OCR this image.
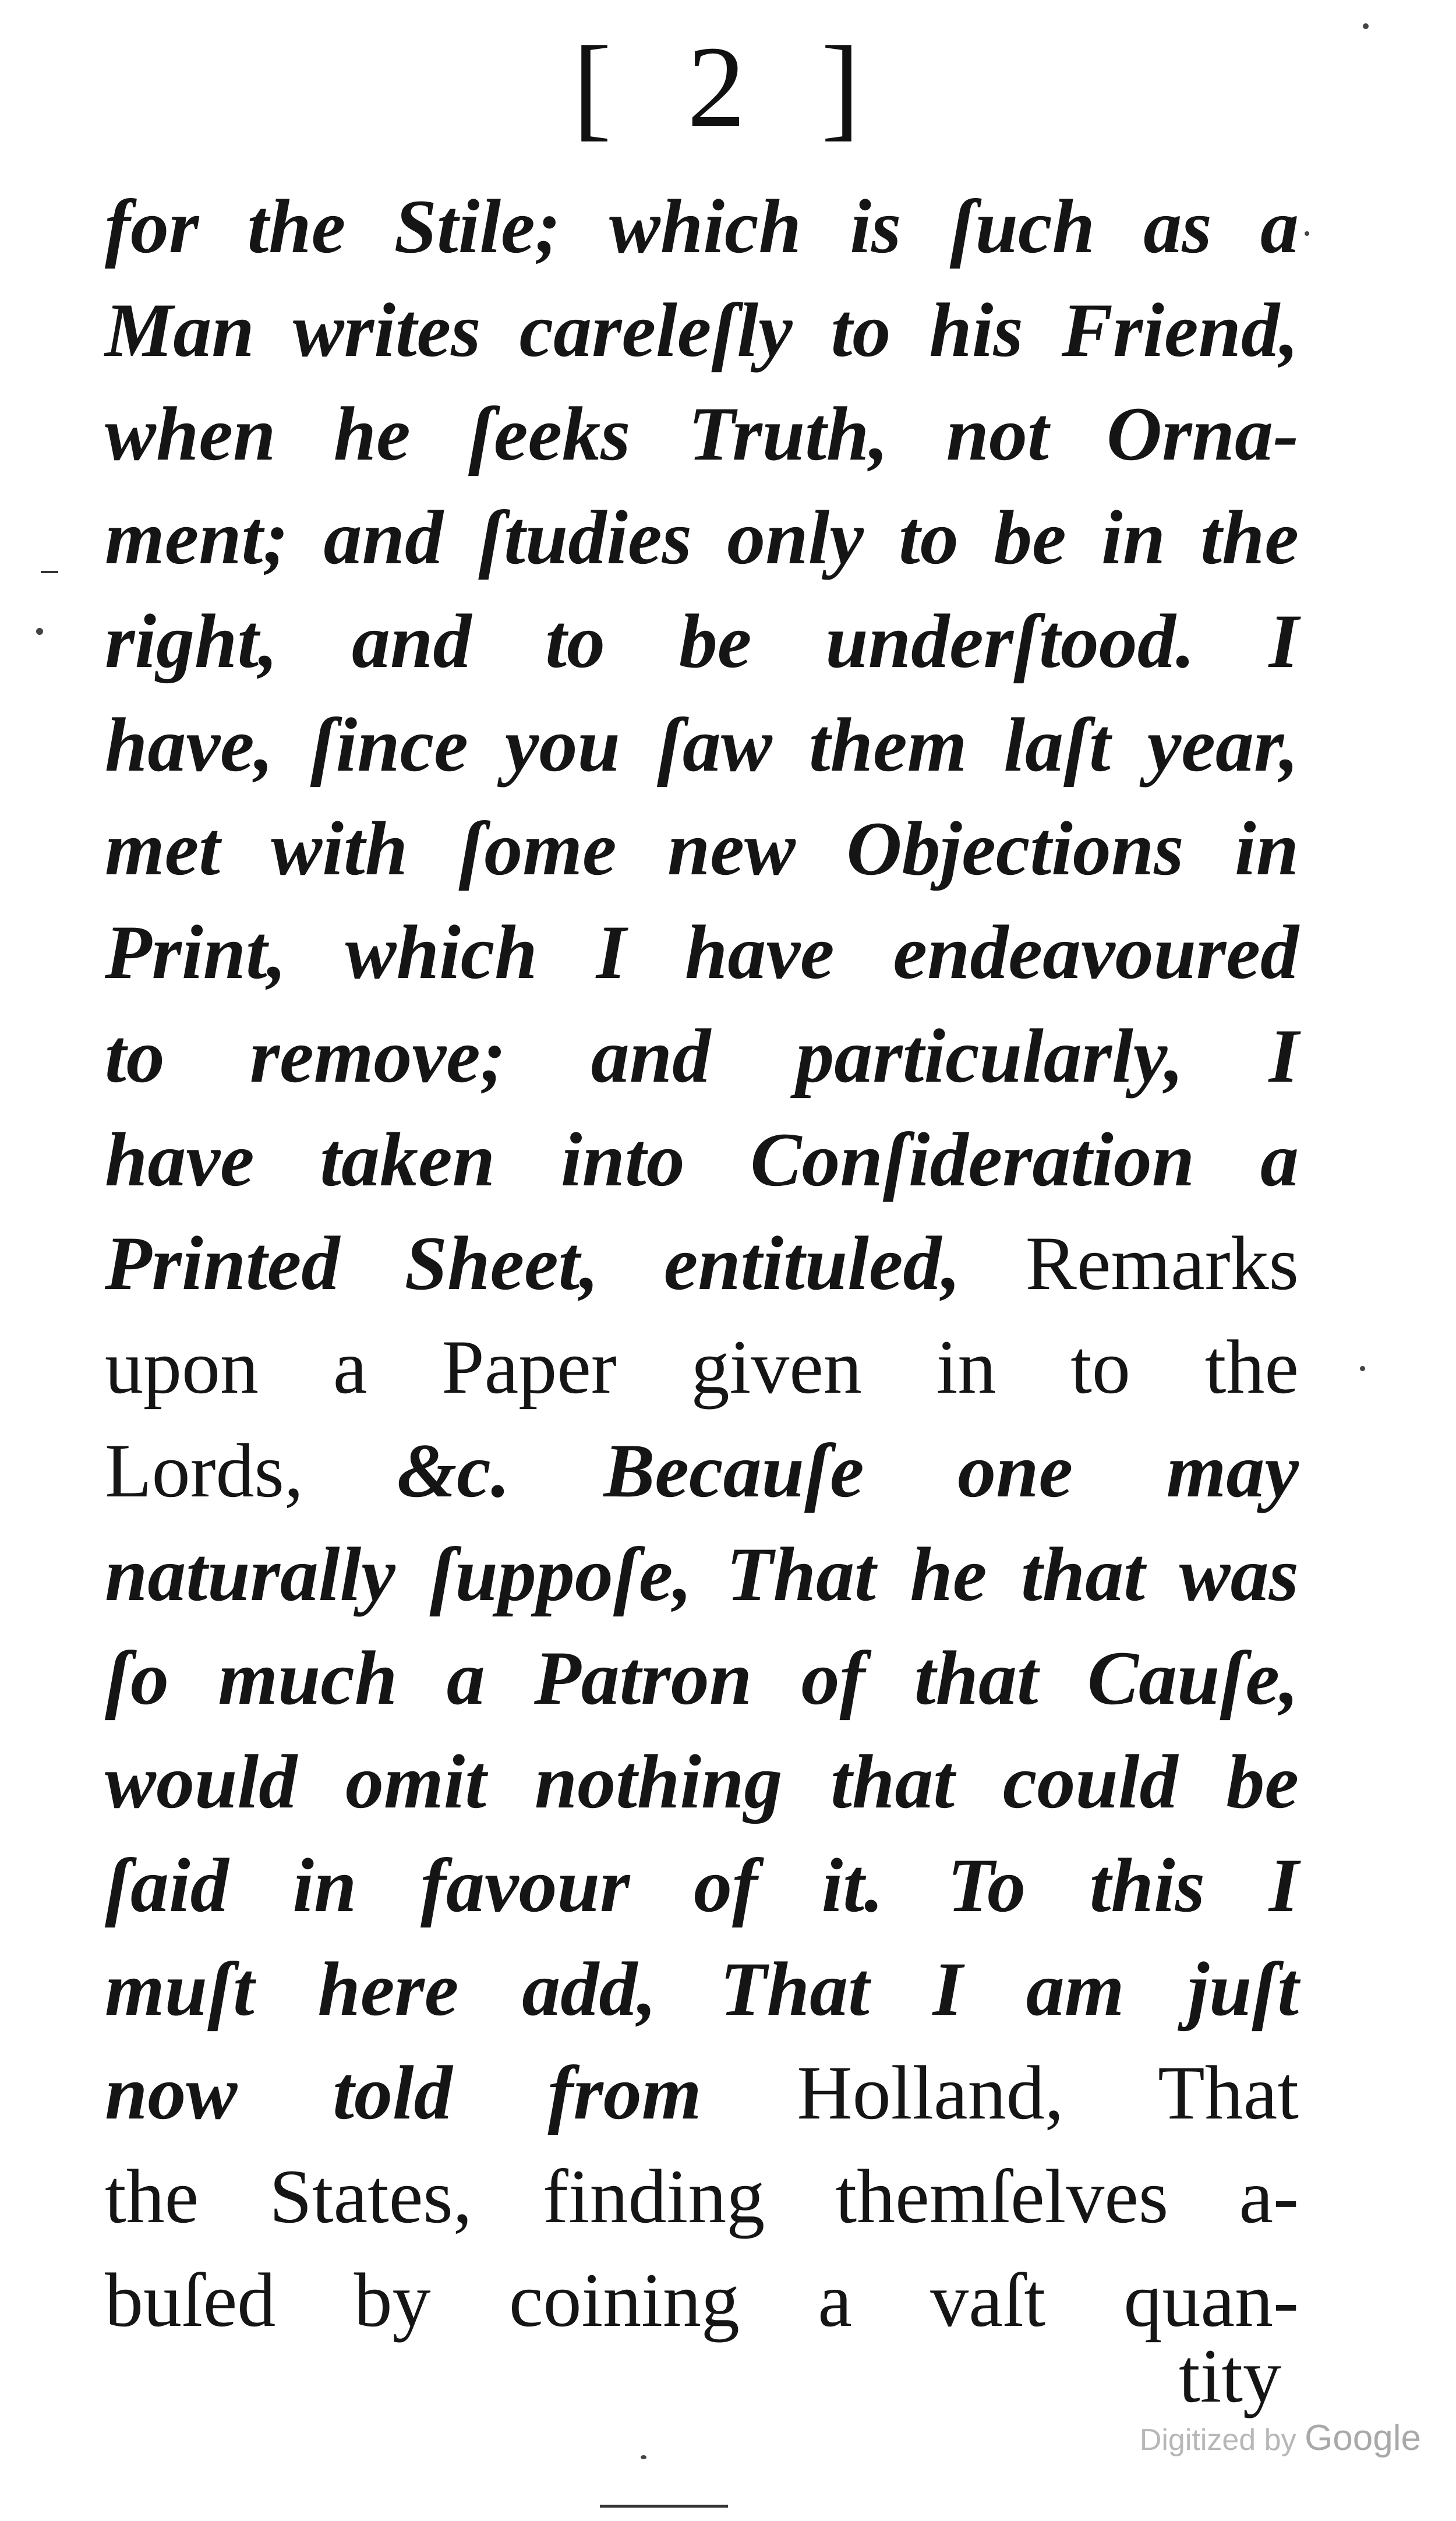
[ 2 ]
for the Stile; which is ſuch as a
Man writes careleſly to his Friend,
when he ſeeks Truth, not Orna-
ment; and ſtudies only to be in the
right, and to be underſtood. I
have, ſince you ſaw them laſt year,
met with ſome new Objections in
Print, which I have endeavoured
to remove; and particularly, I
have taken into Conſideration a
Printed Sheet, entituled, Remarks
upon a Paper given in to the
Lords, &c. Becauſe one may
naturally ſuppoſe, That he that was
ſo much a Patron of that Cauſe,
would omit nothing that could be
ſaid in favour of it. To this I
muſt here add, That I am juſt
now told from Holland, That
the States, finding themſelves a-
buſed by coining a vaſt quan-
tity
Digitized by Google
